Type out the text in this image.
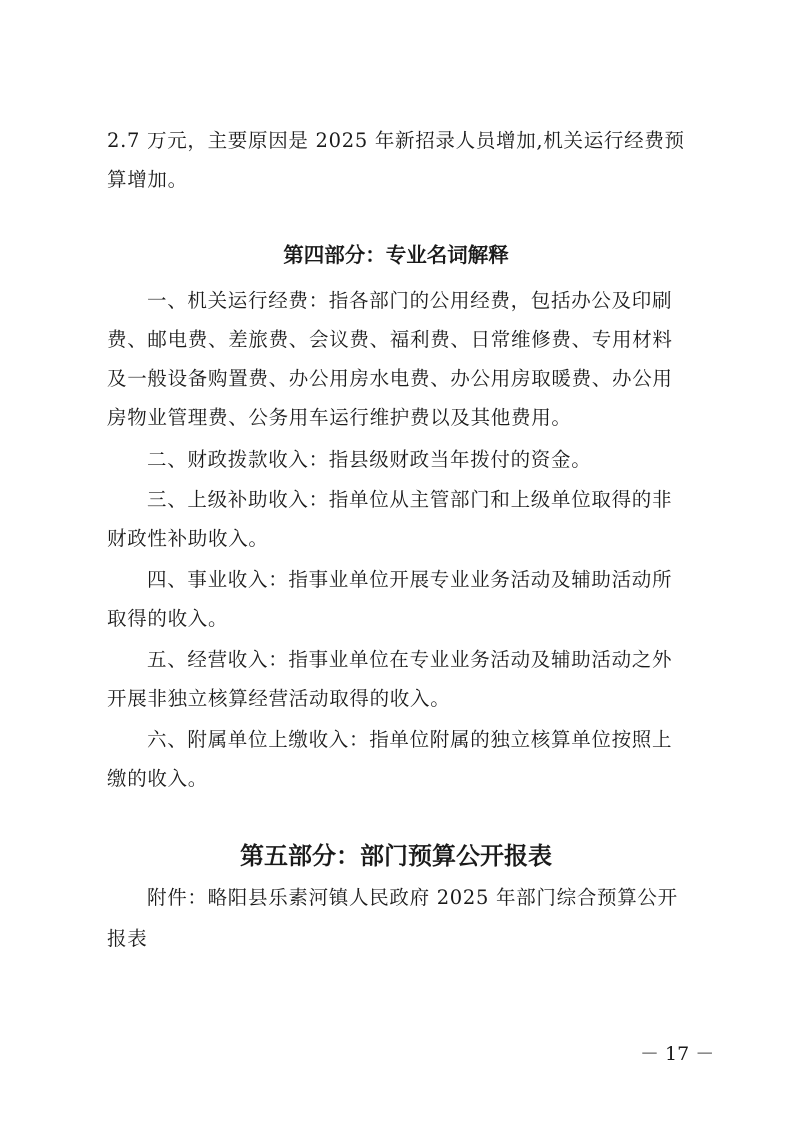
2.7 万元，主要原因是 2025 年新招录人员增加,机关运行经费预
算增加。
第四部分：专业名词解释
一、机关运行经费：指各部门的公用经费，包括办公及印刷
费、邮电费、差旅费、会议费、福利费、日常维修费、专用材料
及一般设备购置费、办公用房水电费、办公用房取暖费、办公用
房物业管理费、公务用车运行维护费以及其他费用。
二、财政拨款收入：指县级财政当年拨付的资金。
三、上级补助收入：指单位从主管部门和上级单位取得的非
财政性补助收入。
四、事业收入：指事业单位开展专业业务活动及辅助活动所
取得的收入。
五、经营收入：指事业单位在专业业务活动及辅助活动之外
开展非独立核算经营活动取得的收入。
六、附属单位上缴收入：指单位附属的独立核算单位按照上
缴的收入。
第五部分：部门预算公开报表
附件：略阳县乐素河镇人民政府 2025 年部门综合预算公开
报表
－ 17 －
